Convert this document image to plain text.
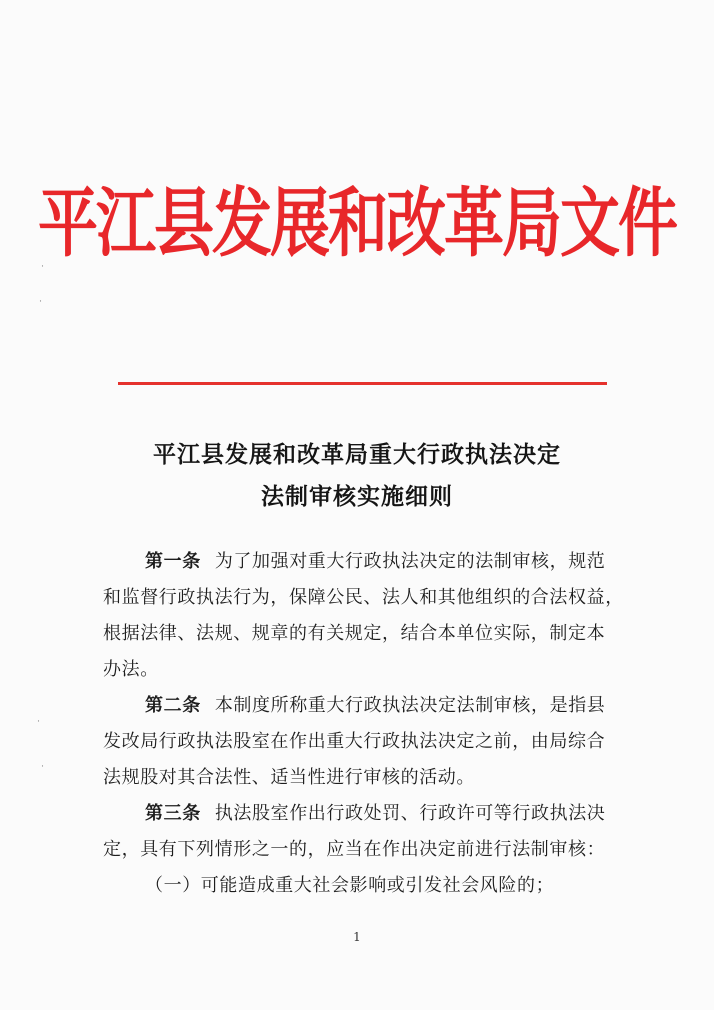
平江县发展和改革局文件
平江县发展和改革局重大行政执法决定
法制审核实施细则
第一条 为了加强对重大行政执法决定的法制审核，规范
和监督行政执法行为，保障公民、法人和其他组织的合法权益，
根据法律、法规、规章的有关规定，结合本单位实际，制定本
办法。
第二条 本制度所称重大行政执法决定法制审核，是指县
发改局行政执法股室在作出重大行政执法决定之前，由局综合
法规股对其合法性、适当性进行审核的活动。
第三条 执法股室作出行政处罚、行政许可等行政执法决
定，具有下列情形之一的，应当在作出决定前进行法制审核：
（一）可能造成重大社会影响或引发社会风险的；
1
˙
˙
˙
˙
